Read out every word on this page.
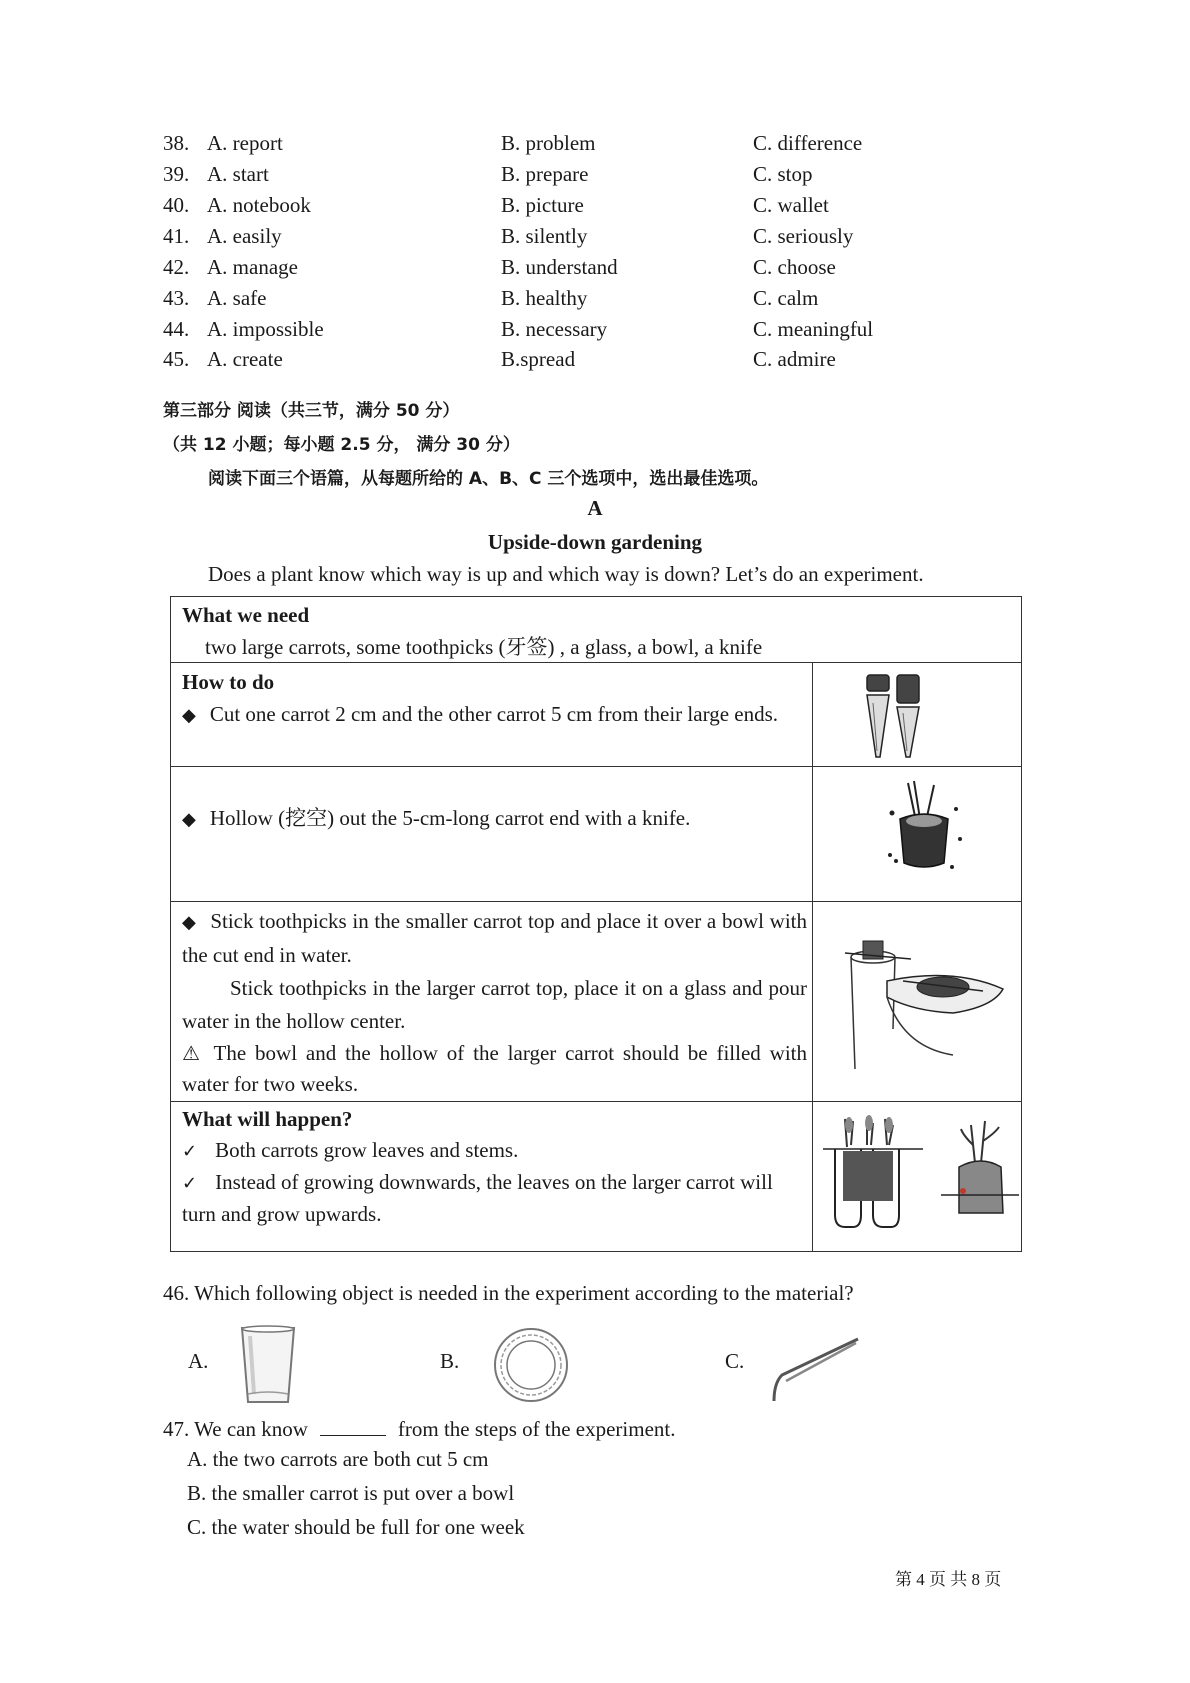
38. A. report	B. problem	C. difference
39. A. start	B. prepare	C. stop
40. A. notebook	B. picture	C. wallet
41. A. easily	B. silently	C. seriously
42. A. manage	B. understand	C. choose
43. A. safe	B. healthy	C. calm
44. A. impossible	B. necessary	C. meaningful
45. A. create	B.spread	C. admire
第三部分 阅读（共三节，满分 50 分）
（共 12 小题；每小题 2.5 分， 满分 30 分）
阅读下面三个语篇，从每题所给的 A、B、C 三个选项中，选出最佳选项。
A
Upside-down gardening
Does a plant know which way is up and which way is down? Let’s do an experiment.
What we need
two large carrots, some toothpicks (牙签) , a glass, a bowl, a knife
How to do
◆ Cut one carrot 2 cm and the other carrot 5 cm from their large ends.
◆ Hollow (挖空) out the 5-cm-long carrot end with a knife.
◆ Stick toothpicks in the smaller carrot top and place it over a bowl with the cut end in water.
Stick toothpicks in the larger carrot top, place it on a glass and pour water in the hollow center.
⚠ The bowl and the hollow of the larger carrot should be filled with water for two weeks.
What will happen?
✓ Both carrots grow leaves and stems.
✓ Instead of growing downwards, the leaves on the larger carrot will turn and grow upwards.
46. Which following object is needed in the experiment according to the material?
A.	B.	C.
47. We can know	from the steps of the experiment.
A. the two carrots are both cut 5 cm
B. the smaller carrot is put over a bowl
C. the water should be full for one week
第 4 页 共 8 页
